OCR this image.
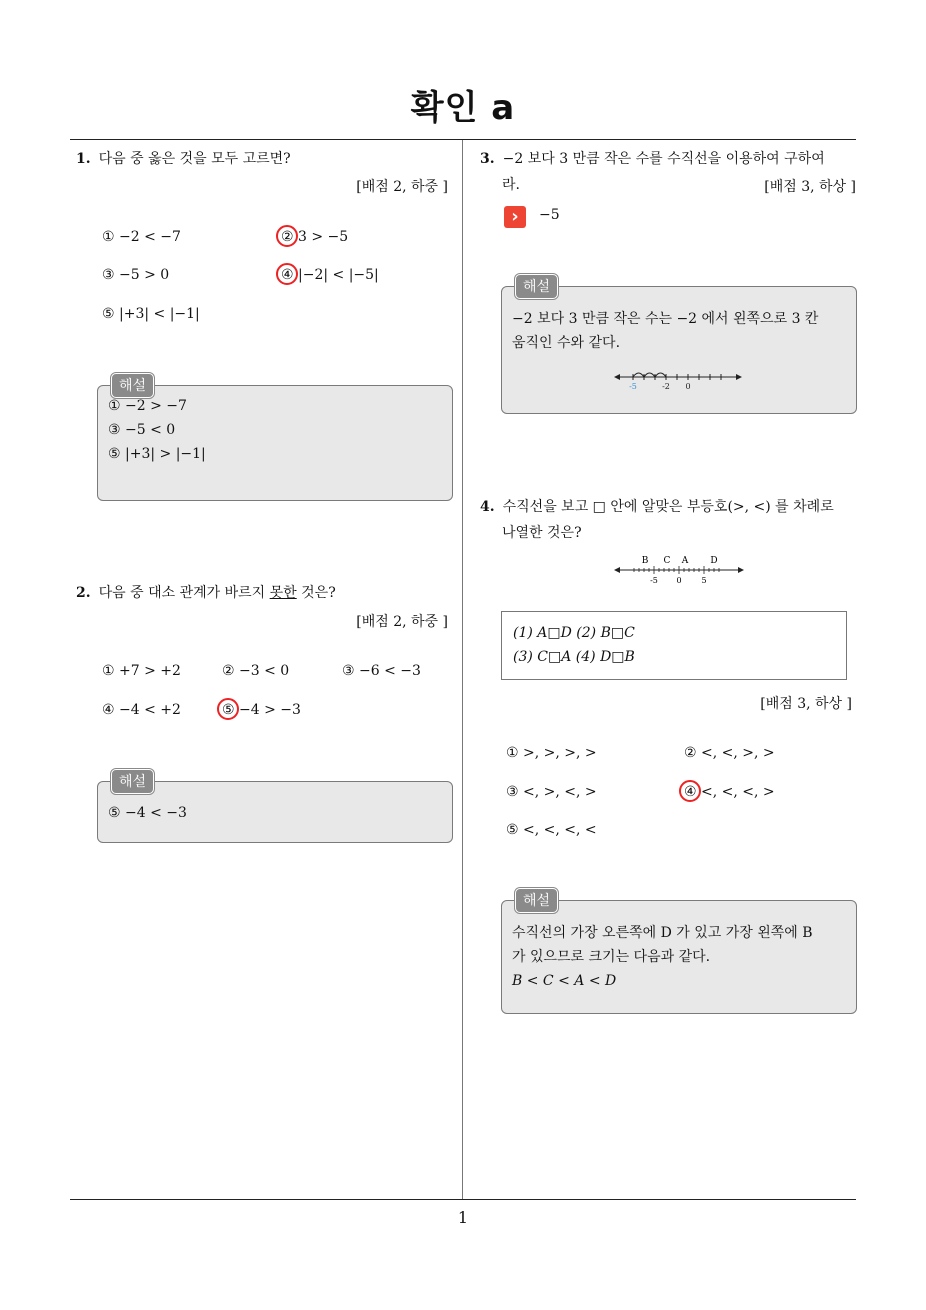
확인 a
1
1. 다음 중 옳은 것을 모두 고르면?
[배점 2, 하중 ]
① −2 < −7	② 3 > −5
③ −5 > 0	④ |−2| < |−5|
⑤ |+3| < |−1|
① −2 > −7
③ −5 < 0
⑤ |+3| > |−1|
해설
2. 다음 중 대소 관계가 바르지 못한 것은?
[배점 2, 하중 ]
① +7 > +2	② −3 < 0	③ −6 < −3
④ −4 < +2	⑤ −4 > −3
⑤ −4 < −3
해설
3. −2 보다 3 만큼 작은 수를 수직선을 이용하여 구하여
라.	[배점 3, 하상 ]
›	−5
−2 보다 3 만큼 작은 수는 −2 에서 왼쪽으로 3 칸
움직인 수와 같다.
-5	-2 0
해설
4. 수직선을 보고 □ 안에 알맞은 부등호(>, <) 를 차례로
나열한 것은?
B C A D
-5 0 5
(1) A□D (2) B□C
(3) C□A (4) D□B
[배점 3, 하상 ]
① >, >, >, >	② <, <, >, >
③ <, >, <, >	④ <, <, <, >
⑤ <, <, <, <
수직선의 가장 오른쪽에 D 가 있고 가장 왼쪽에 B
가 있으므로 크기는 다음과 같다.
B < C < A < D
해설
